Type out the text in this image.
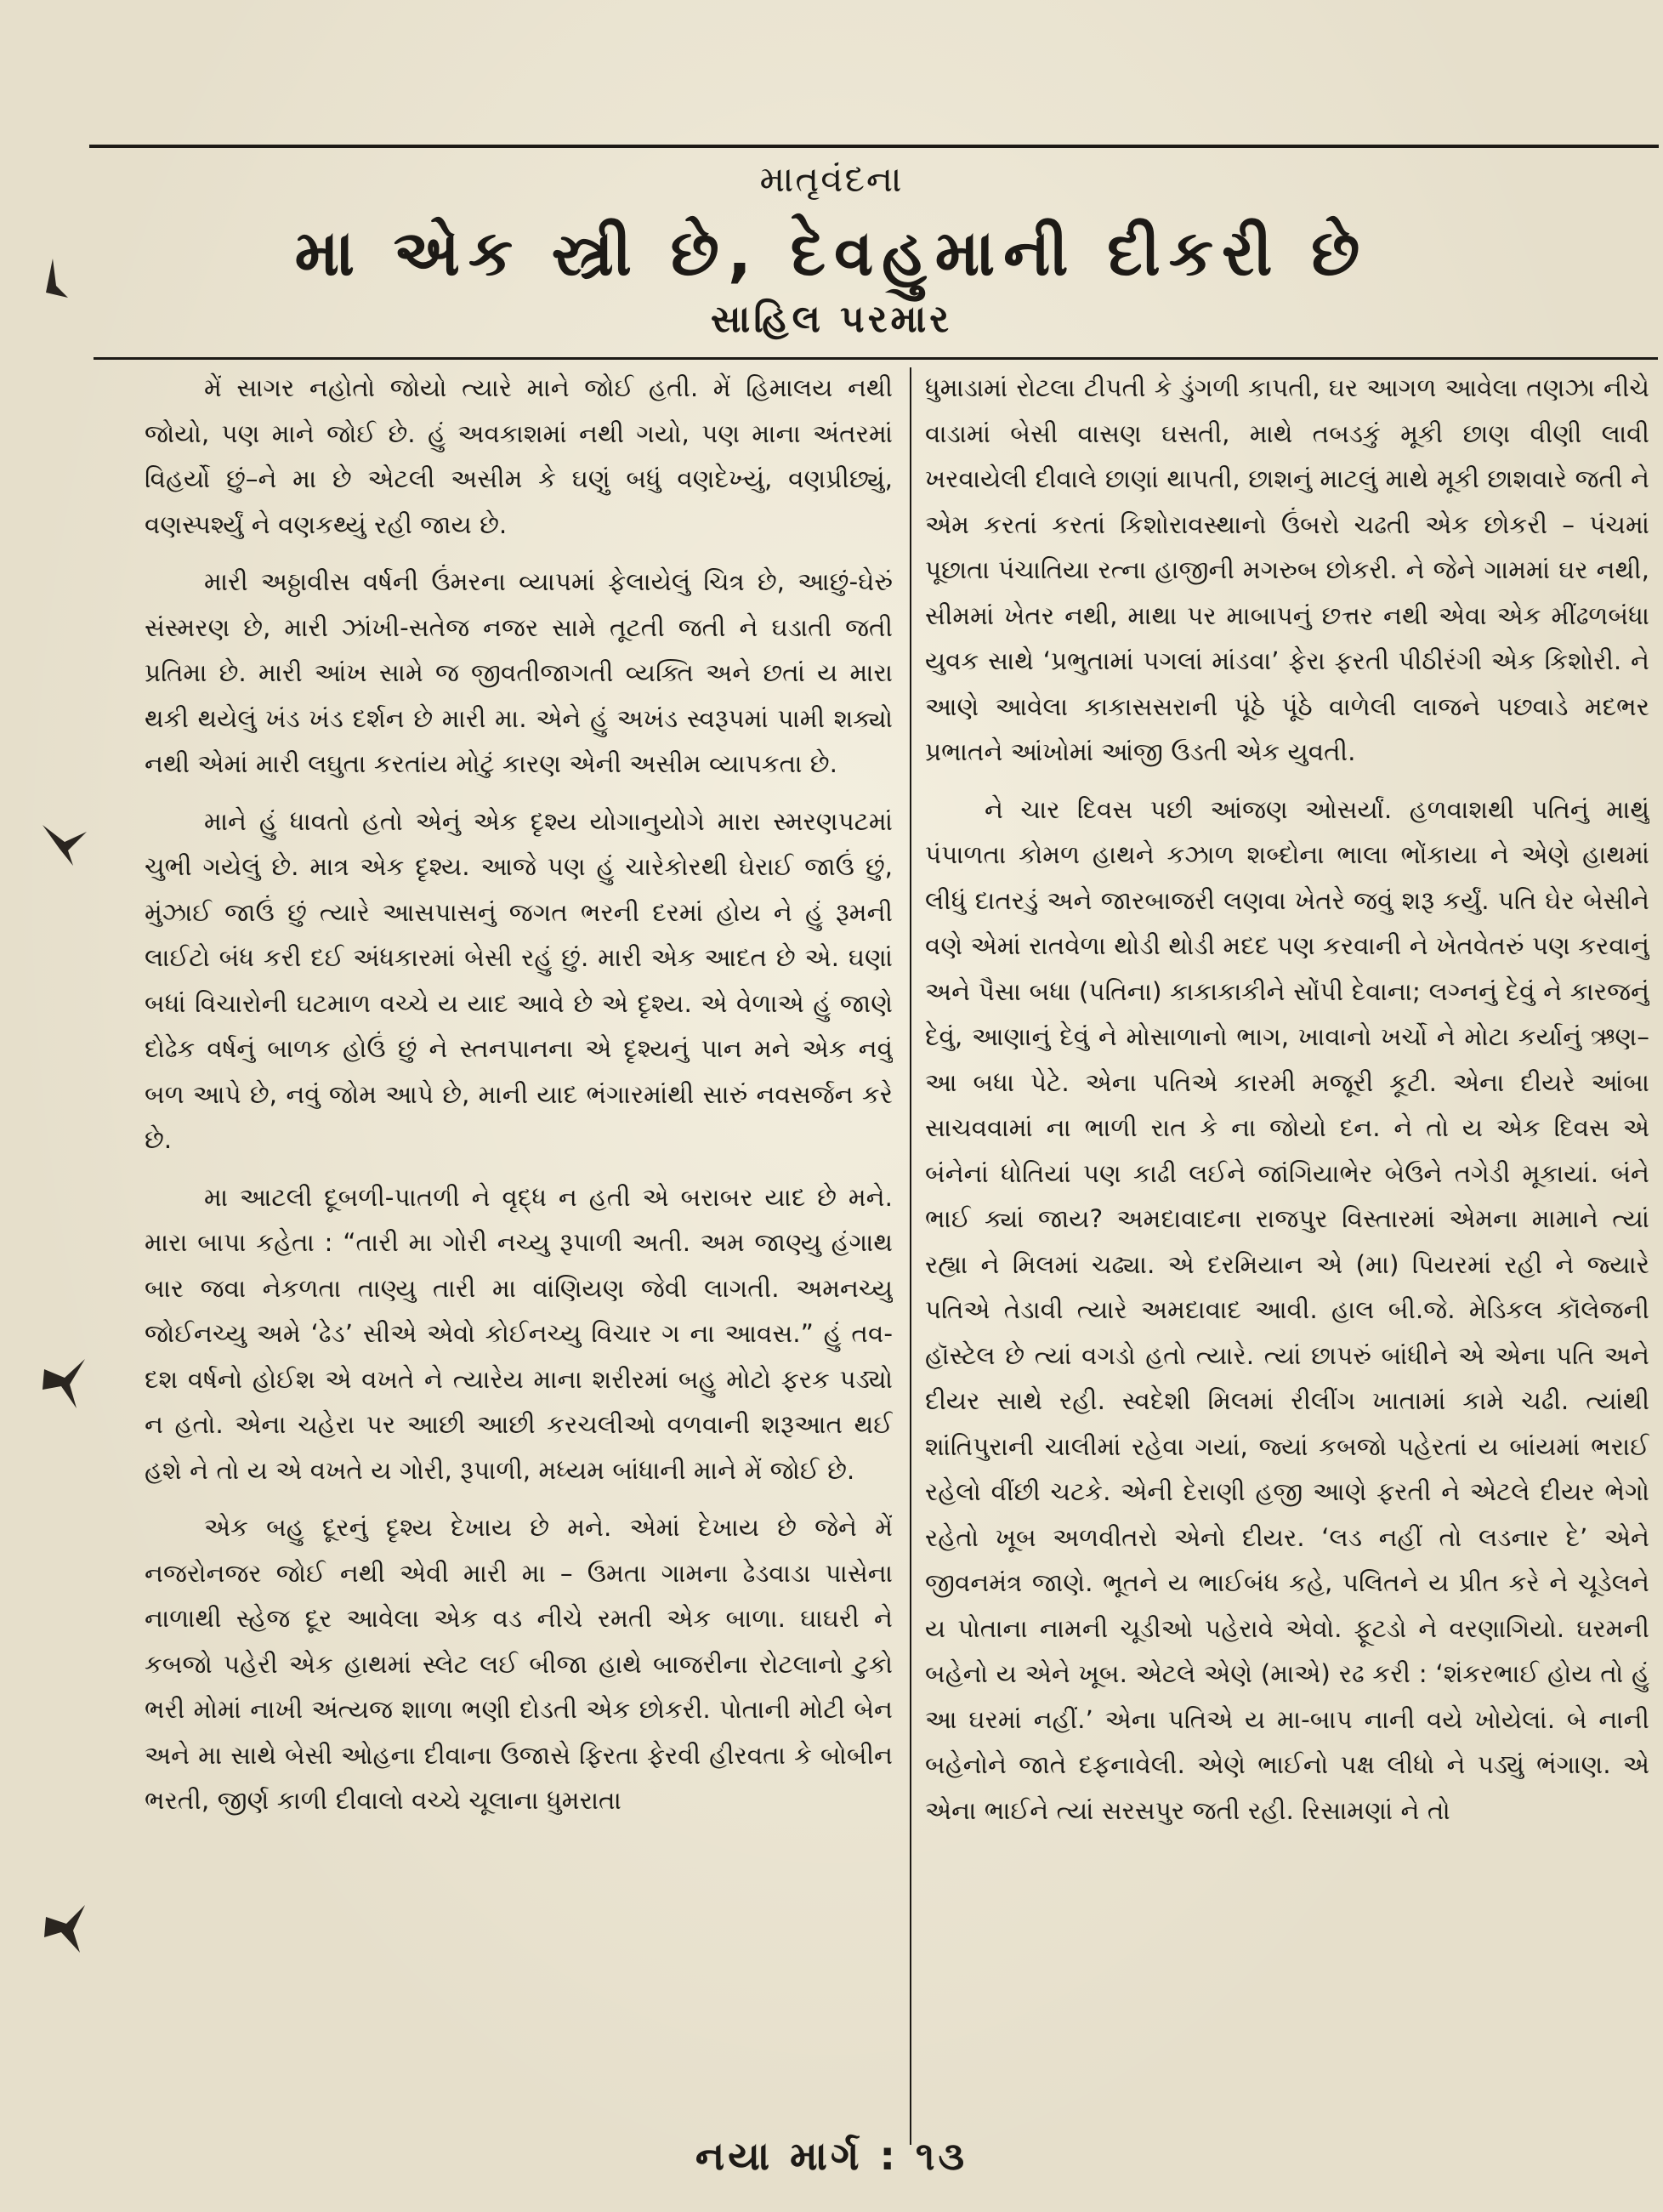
માતૃવંદના
મા એક સ્ત્રી છે, દેવહુમાની દીકરી છે
સાહિલ પરમાર

મેં સાગર નહોતો જોયો ત્યારે માને જોઈ હતી. મેં હિમાલય નથી જોયો, પણ માને જોઈ છે. હું અવકાશમાં નથી ગયો, પણ માના અંતરમાં વિહર્યો છું–ને મા છે એટલી અસીમ કે ઘણું બધું વણદેખ્યું, વણપ્રીછ્યું, વણસ્પર્શ્યું ને વણકથ્યું રહી જાય છે.

મારી અઠ્ઠાવીસ વર્ષની ઉંમરના વ્યાપમાં ફેલાયેલું ચિત્ર છે, આછું-ઘેરું સંસ્મરણ છે, મારી ઝાંખી-સતેજ નજર સામે તૂટતી જતી ને ઘડાતી જતી પ્રતિમા છે. મારી આંખ સામે જ જીવતીજાગતી વ્યક્તિ અને છતાં ય મારા થકી થયેલું ખંડ ખંડ દર્શન છે મારી મા. એને હું અખંડ સ્વરૂપમાં પામી શક્યો નથી એમાં મારી લઘુતા કરતાંય મોટું કારણ એની અસીમ વ્યાપકતા છે.

માને હું ધાવતો હતો એનું એક દૃશ્ય યોગાનુયોગે મારા સ્મરણપટમાં ચુભી ગયેલું છે. માત્ર એક દૃશ્ય. આજે પણ હું ચારેકોરથી ઘેરાઈ જાઉં છું, મુંઝાઈ જાઉં છું ત્યારે આસપાસનું જગત ભરની દરમાં હોય ને હું રૂમની લાઈટો બંધ કરી દઈ અંધકારમાં બેસી રહું છું. મારી એક આદત છે એ. ઘણાં બધાં વિચારોની ઘટમાળ વચ્ચે ય યાદ આવે છે એ દૃશ્ય. એ વેળાએ હું જાણે દોઢેક વર્ષનું બાળક હોઉં છું ને સ્તનપાનના એ દૃશ્યનું પાન મને એક નવું બળ આપે છે, નવું જોમ આપે છે, માની યાદ ભંગારમાંથી સારું નવસર્જન કરે છે.

મા આટલી દૂબળી-પાતળી ને વૃદ્ધ ન હતી એ બરાબર યાદ છે મને. મારા બાપા કહેતા : “તારી મા ગોરી નચ્યુ રૂપાળી અતી. અમ જાણ્યુ હંગાથ બાર જવા નેકળતા તાણ્યુ તારી મા વાંણિયણ જેવી લાગતી. અમનચ્યુ જોઈનચ્યુ અમે ‘ઢેડ’ સીએ એવો કોઈનચ્યુ વિચાર ગ ના આવસ.” હું તવ-દશ વર્ષનો હોઈશ એ વખતે ને ત્યારેય માના શરીરમાં બહુ મોટો ફરક પડ્યો ન હતો. એના ચહેરા પર આછી આછી કરચલીઓ વળવાની શરૂઆત થઈ હશે ને તો ય એ વખતે ય ગોરી, રૂપાળી, મધ્યમ બાંધાની માને મેં જોઈ છે.

એક બહુ દૂરનું દૃશ્ય દેખાય છે મને. એમાં દેખાય છે જેને મેં નજરોનજર જોઈ નથી એવી મારી મા – ઉમતા ગામના ઢેડવાડા પાસેના નાળાથી સ્હેજ દૂર આવેલા એક વડ નીચે રમતી એક બાળા. ઘાઘરી ને કબજો પહેરી એક હાથમાં સ્લેટ લઈ બીજા હાથે બાજરીના રોટલાનો ટુકો ભરી મોમાં નાખી અંત્યજ શાળા ભણી દોડતી એક છોકરી. પોતાની મોટી બેન અને મા સાથે બેસી ઓહના દીવાના ઉજાસે ફિરતા ફેરવી હીરવતા કે બોબીન ભરતી, જીર્ણ કાળી દીવાલો વચ્ચે ચૂલાના ધુમરાતા

ધુમાડામાં રોટલા ટીપતી કે ડુંગળી કાપતી, ઘર આગળ આવેલા તણઝા નીચે વાડામાં બેસી વાસણ ઘસતી, માથે તબડકું મૂકી છાણ વીણી લાવી ખરવાયેલી દીવાલે છાણાં થાપતી, છાશનું માટલું માથે મૂકી છાશવારે જતી ને એમ કરતાં કરતાં કિશોરાવસ્થાનો ઉંબરો ચઢતી એક છોકરી – પંચમાં પૂછાતા પંચાતિયા રત્ના હાજીની મગરુબ છોકરી. ને જેને ગામમાં ઘર નથી, સીમમાં ખેતર નથી, માથા પર માબાપનું છત્તર નથી એવા એક મીંઢળબંધા યુવક સાથે ‘પ્રભુતામાં પગલાં માંડવા’ ફેરા ફરતી પીઠીરંગી એક કિશોરી. ને આણે આવેલા કાકાસસરાની પૂંઠે પૂંઠે વાળેલી લાજને પછવાડે મદભર પ્રભાતને આંખોમાં આંજી ઉડતી એક યુવતી.

ને ચાર દિવસ પછી આંજણ ઓસર્યાં. હળવાશથી પતિનું માથું પંપાળતા કોમળ હાથને કઝાળ શબ્દોના ભાલા ભોંકાયા ને એણે હાથમાં લીધું દાતરડું અને જારબાજરી લણવા ખેતરે જવું શરૂ કર્યું. પતિ ઘેર બેસીને વણે એમાં રાતવેળા થોડી થોડી મદદ પણ કરવાની ને ખેતવેતરું પણ કરવાનું અને પૈસા બધા (પતિના) કાકાકાકીને સોંપી દેવાના; લગ્નનું દેવું ને કારજનું દેવું, આણાનું દેવું ને મોસાળાનો ભાગ, ખાવાનો ખર્ચો ને મોટા કર્યાનું ઋણ–આ બધા પેટે. એના પતિએ કારમી મજૂરી કૂટી. એના દીયરે આંબા સાચવવામાં ના ભાળી રાત કે ના જોયો દન. ને તો ય એક દિવસ એ બંનેનાં ધોતિયાં પણ કાઢી લઈને જાંગિયાભેર બેઉને તગેડી મૂકાયાં. બંને ભાઈ ક્યાં જાય? અમદાવાદના રાજપુર વિસ્તારમાં એમના મામાને ત્યાં રહ્યા ને મિલમાં ચઢ્યા. એ દરમિયાન એ (મા) પિયરમાં રહી ને જ્યારે પતિએ તેડાવી ત્યારે અમદાવાદ આવી. હાલ બી.જે. મેડિકલ કૉલેજની હૉસ્ટેલ છે ત્યાં વગડો હતો ત્યારે. ત્યાં છાપરું બાંધીને એ એના પતિ અને દીયર સાથે રહી. સ્વદેશી મિલમાં રીલીંગ ખાતામાં કામે ચઢી. ત્યાંથી શાંતિપુરાની ચાલીમાં રહેવા ગયાં, જ્યાં કબજો પહેરતાં ય બાંયમાં ભરાઈ રહેલો વીંછી ચટકે. એની દેરાણી હજી આણે ફરતી ને એટલે દીયર ભેગો રહેતો ખૂબ અળવીતરો એનો દીયર. ‘લડ નહીં તો લડનાર દે’ એને જીવનમંત્ર જાણે. ભૂતને ય ભાઈબંધ કહે, પલિતને ય પ્રીત કરે ને ચૂડેલને ય પોતાના નામની ચૂડીઓ પહેરાવે એવો. ફૂટડો ને વરણાગિયો. ઘરમની બહેનો ય એને ખૂબ. એટલે એણે (માએ) રઢ કરી : ‘શંકરભાઈ હોય તો હું આ ઘરમાં નહીં.’ એના પતિએ ય મા-બાપ નાની વયે ખોયેલાં. બે નાની બહેનોને જાતે દફનાવેલી. એણે ભાઈનો પક્ષ લીધો ને પડ્યું ભંગાણ. એ એના ભાઈને ત્યાં સરસપુર જતી રહી. રિસામણાં ને તો

નયા માર્ગ : ૧૩
